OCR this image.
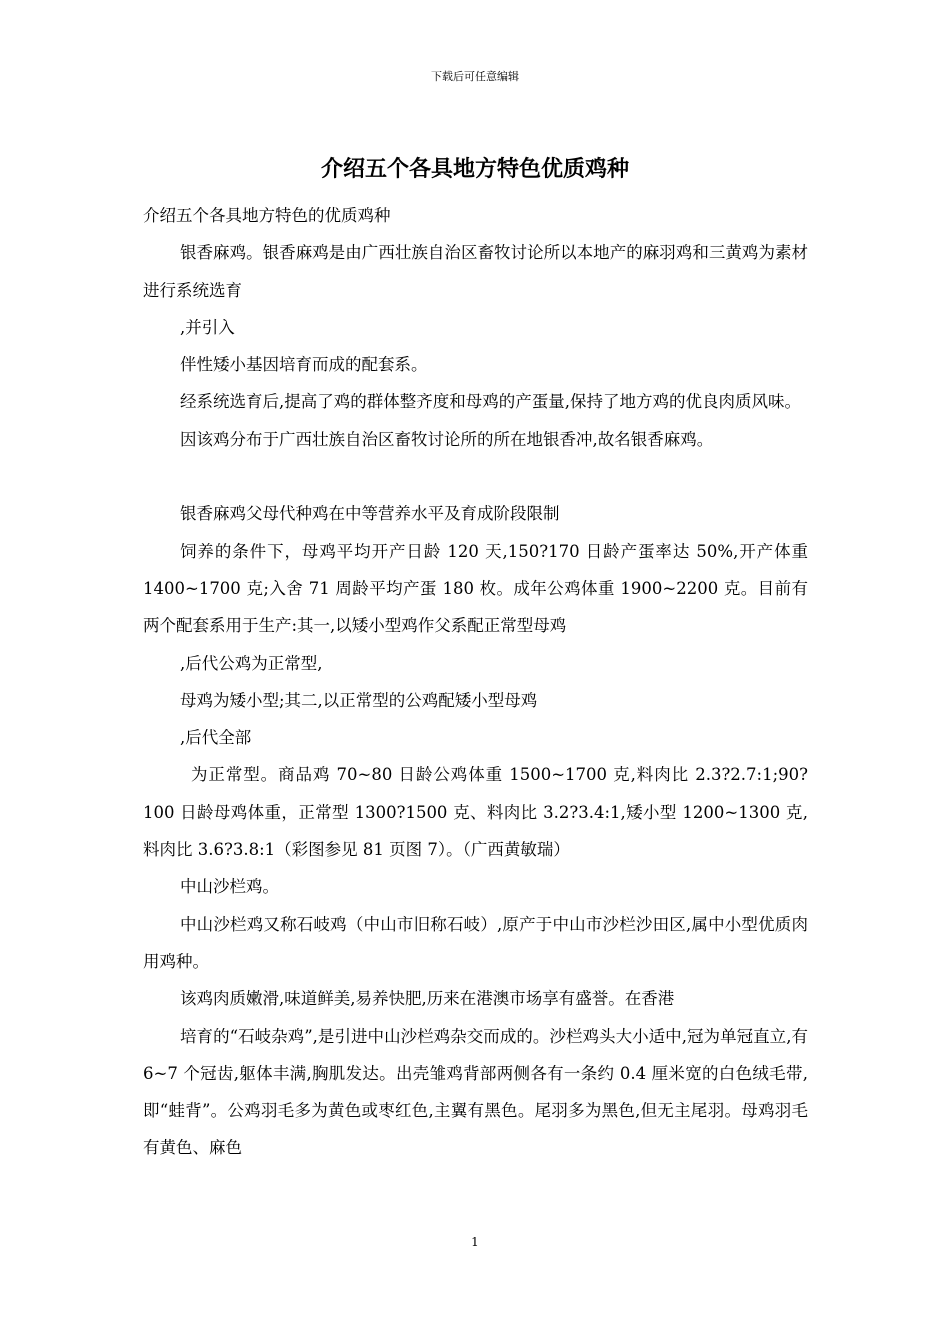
下载后可任意编辑
介绍五个各具地方特色优质鸡种

介绍五个各具地方特色的优质鸡种

银香麻鸡。银香麻鸡是由广西壮族自治区畜牧讨论所以本地产的麻羽鸡和三黄鸡为素材进行系统选育

,并引入

伴性矮小基因培育而成的配套系。

经系统选育后,提高了鸡的群体整齐度和母鸡的产蛋量,保持了地方鸡的优良肉质风味。

因该鸡分布于广西壮族自治区畜牧讨论所的所在地银香冲,故名银香麻鸡。

银香麻鸡父母代种鸡在中等营养水平及育成阶段限制

饲养的条件下，母鸡平均开产日龄 120 天,150?170 日龄产蛋率达 50%,开产体重 1400~1700 克;入舍 71 周龄平均产蛋 180 枚。成年公鸡体重 1900~2200 克。目前有两个配套系用于生产:其一,以矮小型鸡作父系配正常型母鸡

,后代公鸡为正常型,

母鸡为矮小型;其二,以正常型的公鸡配矮小型母鸡

,后代全部

为正常型。商品鸡 70~80 日龄公鸡体重 1500~1700 克,料肉比 2.3?2.7:1;90?100 日龄母鸡体重，正常型 1300?1500 克、料肉比 3.2?3.4:1,矮小型 1200~1300 克,料肉比 3.6?3.8:1（彩图参见 81 页图 7）。（广西黄敏瑞）

中山沙栏鸡。

中山沙栏鸡又称石岐鸡（中山市旧称石岐）,原产于中山市沙栏沙田区,属中小型优质肉用鸡种。

该鸡肉质嫩滑,味道鲜美,易养快肥,历来在港澳市场享有盛誉。在香港

培育的“石岐杂鸡”,是引进中山沙栏鸡杂交而成的。沙栏鸡头大小适中,冠为单冠直立,有 6~7 个冠齿,躯体丰满,胸肌发达。出壳雏鸡背部两侧各有一条约 0.4 厘米宽的白色绒毛带,即“蛙背”。公鸡羽毛多为黄色或枣红色,主翼有黑色。尾羽多为黑色,但无主尾羽。母鸡羽毛有黄色、麻色

1
